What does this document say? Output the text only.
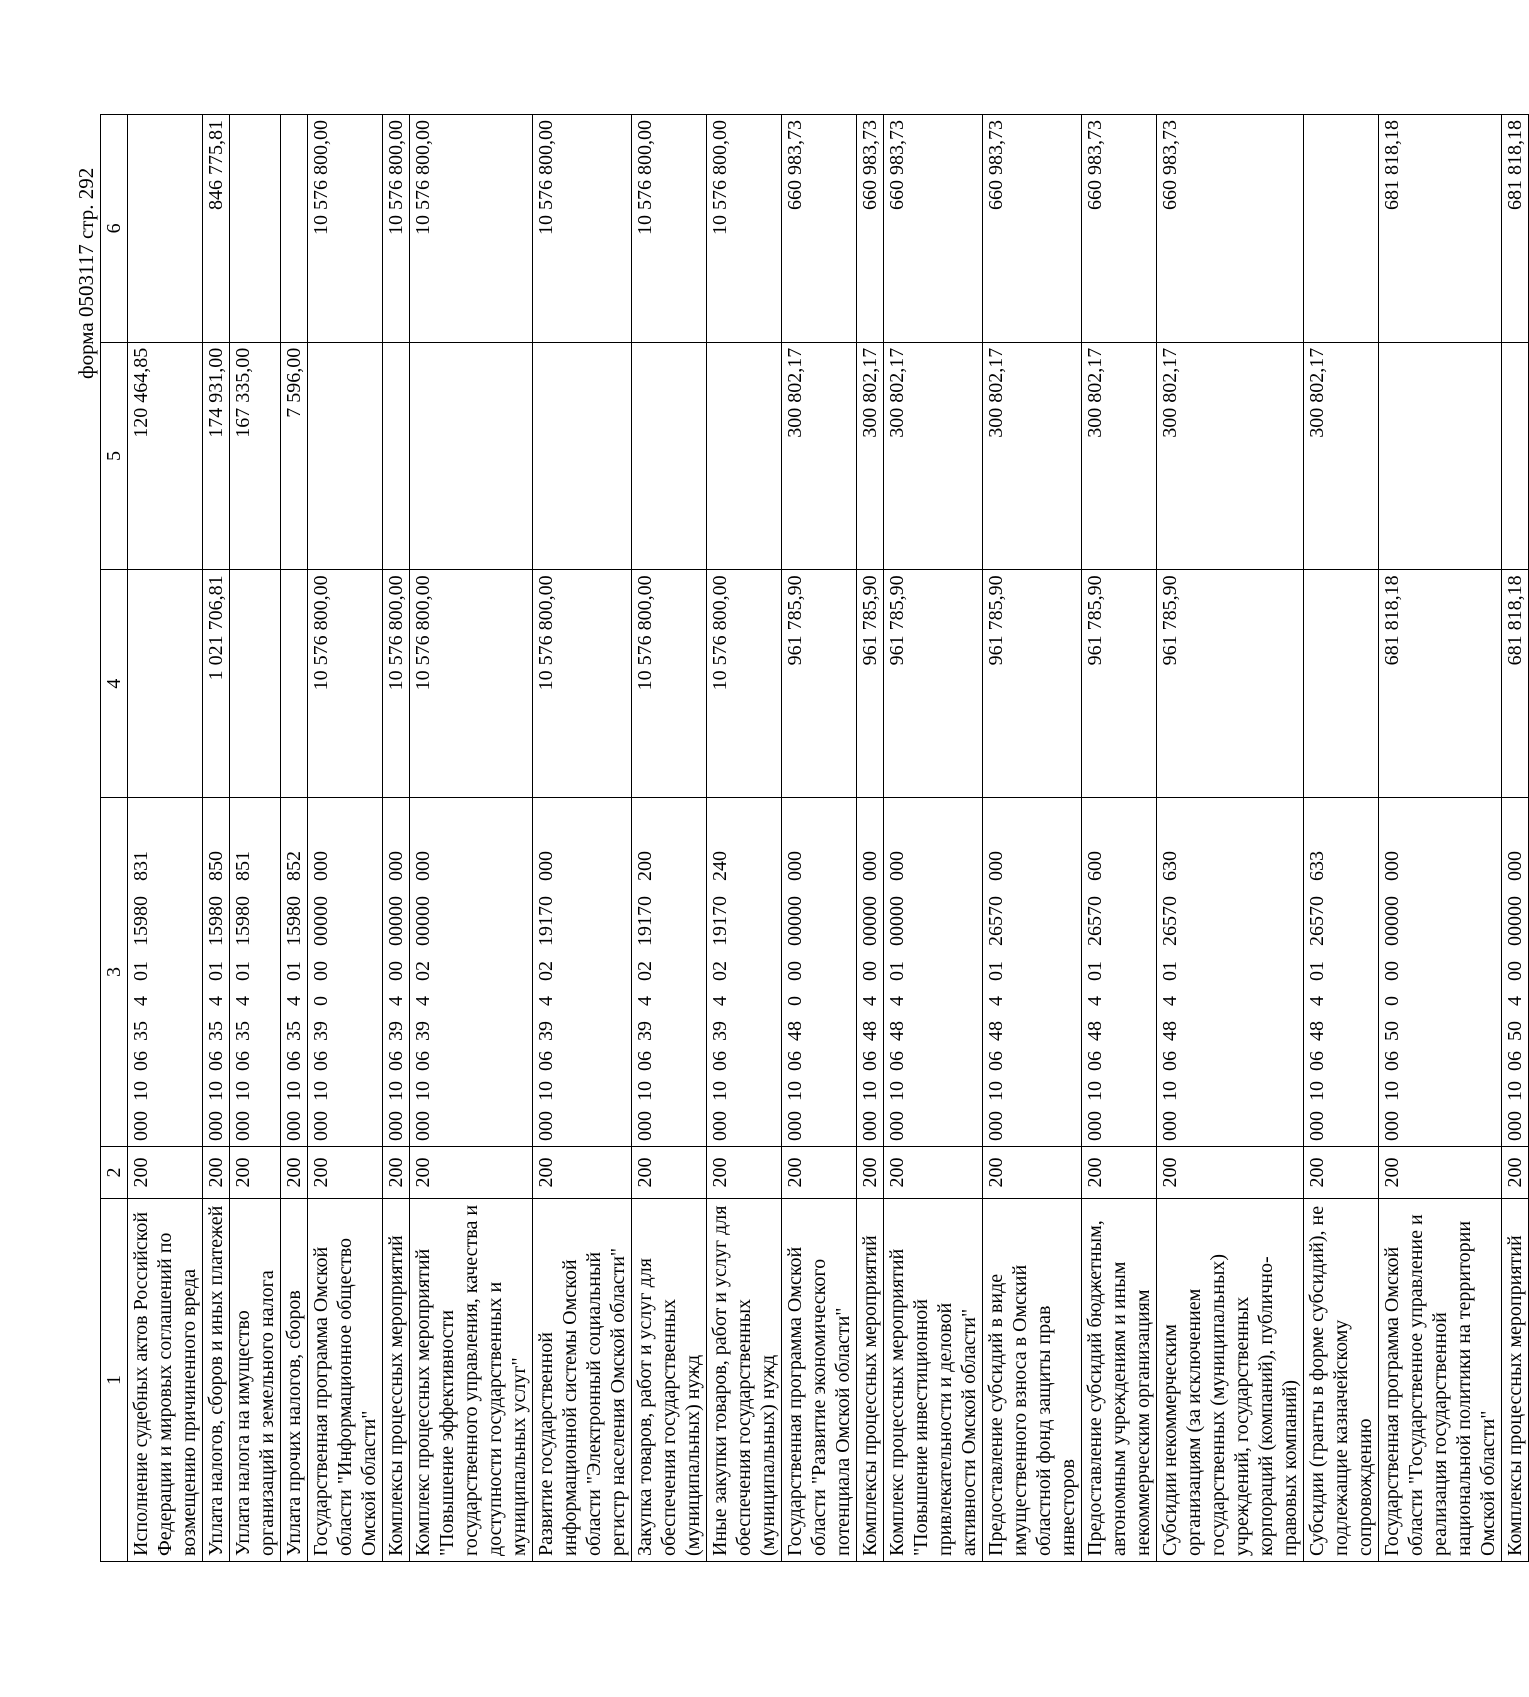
форма 0503117 стр. 292
1	2	3	4	5	6
Исполнение судебных актов Российской Федерации и мировых соглашений по возмещению причиненного вреда	200	000  10  06  35   4   01   15980   831		120 464,85	
Уплата налогов, сборов и иных платежей	200	000  10  06  35   4   01   15980   850	1 021 706,81	174 931,00	846 775,81
Уплата налога на имущество организаций и земельного налога	200	000  10  06  35   4   01   15980   851		167 335,00	
Уплата прочих налогов, сборов	200	000  10  06  35   4   01   15980   852		7 596,00	
Государственная программа Омской области "Информационное общество Омской области"	200	000  10  06  39   0   00   00000   000	10 576 800,00		10 576 800,00
Комплексы процессных мероприятий	200	000  10  06  39   4   00   00000   000	10 576 800,00		10 576 800,00
Комплекс процессных мероприятий "Повышение эффективности государственного управления, качества и доступности государственных и муниципальных услуг"	200	000  10  06  39   4   02   00000   000	10 576 800,00		10 576 800,00
Развитие государственной информационной системы Омской области "Электронный социальный регистр населения Омской области"	200	000  10  06  39   4   02   19170   000	10 576 800,00		10 576 800,00
Закупка товаров, работ и услуг для обеспечения государственных (муниципальных) нужд	200	000  10  06  39   4   02   19170   200	10 576 800,00		10 576 800,00
Иные закупки товаров, работ и услуг для обеспечения государственных (муниципальных) нужд	200	000  10  06  39   4   02   19170   240	10 576 800,00		10 576 800,00
Государственная программа Омской области "Развитие экономического потенциала Омской области"	200	000  10  06  48   0   00   00000   000	961 785,90	300 802,17	660 983,73
Комплексы процессных мероприятий	200	000  10  06  48   4   00   00000   000	961 785,90	300 802,17	660 983,73
Комплекс процессных мероприятий "Повышение инвестиционной привлекательности и деловой активности Омской области"	200	000  10  06  48   4   01   00000   000	961 785,90	300 802,17	660 983,73
Предоставление субсидий в виде имущественного взноса в Омский областной фонд защиты прав инвесторов	200	000  10  06  48   4   01   26570   000	961 785,90	300 802,17	660 983,73
Предоставление субсидий бюджетным, автономным учреждениям и иным некоммерческим организациям	200	000  10  06  48   4   01   26570   600	961 785,90	300 802,17	660 983,73
Субсидии некоммерческим организациям (за исключением государственных (муниципальных) учреждений, государственных корпораций (компаний), публично-правовых компаний)	200	000  10  06  48   4   01   26570   630	961 785,90	300 802,17	660 983,73
Субсидии (гранты в форме субсидий), не подлежащие казначейскому сопровождению	200	000  10  06  48   4   01   26570   633		300 802,17	
Государственная программа Омской области "Государственное управление и реализация государственной национальной политики на территории Омской области"	200	000  10  06  50   0   00   00000   000	681 818,18		681 818,18
Комплексы процессных мероприятий	200	000  10  06  50   4   00   00000   000	681 818,18		681 818,18
